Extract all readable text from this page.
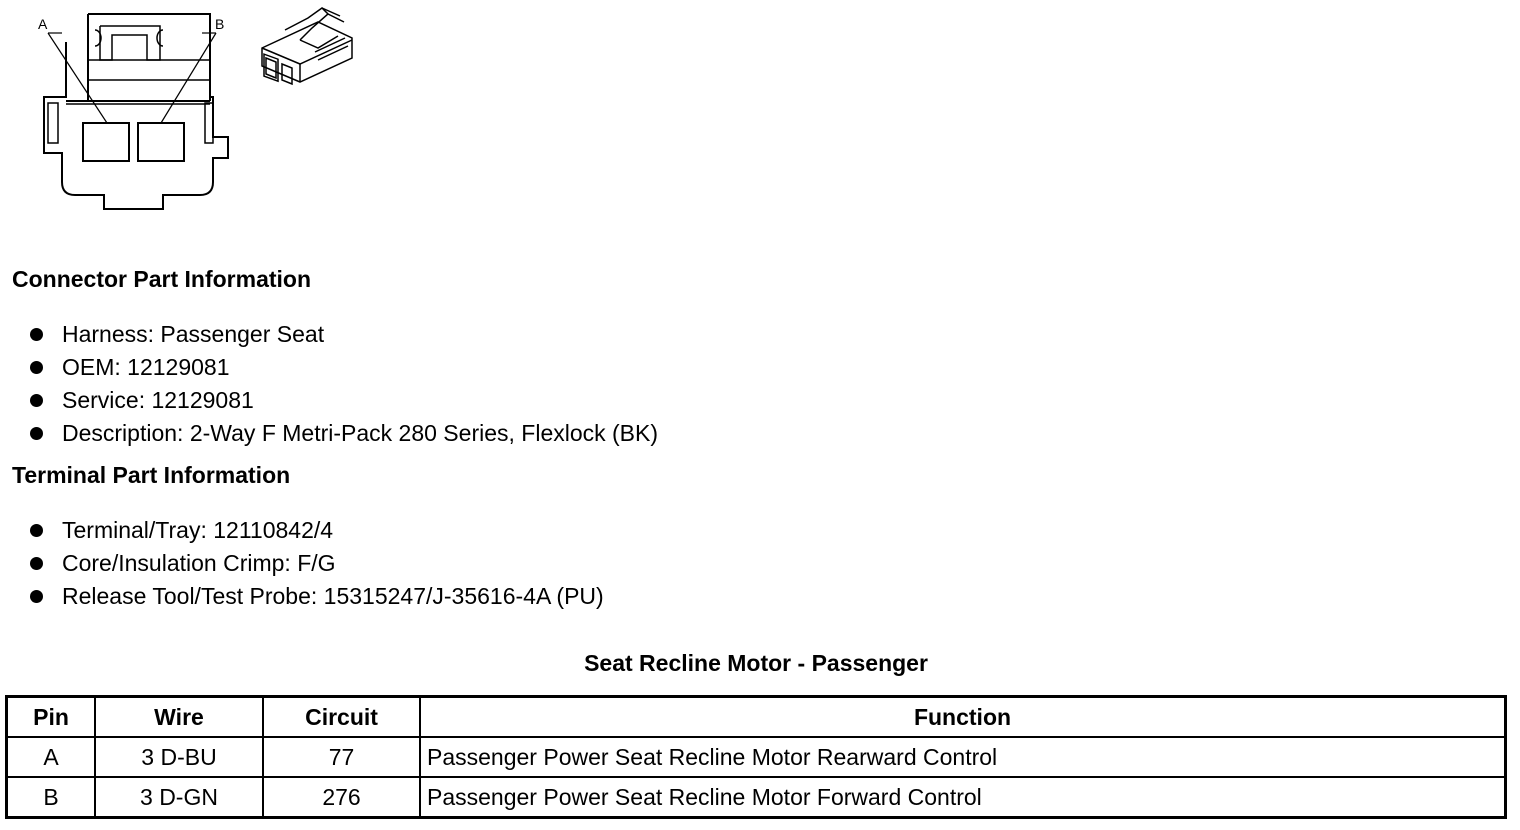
A	B
Connector Part Information
Harness: Passenger Seat
OEM: 12129081
Service: 12129081
Description: 2-Way F Metri-Pack 280 Series, Flexlock (BK)
Terminal Part Information
Terminal/Tray: 12110842/4
Core/Insulation Crimp: F/G
Release Tool/Test Probe: 15315247/J-35616-4A (PU)
Seat Recline Motor - Passenger
Pin	Wire	Circuit	Function
A	3 D-BU	77	Passenger Power Seat Recline Motor Rearward Control
B	3 D-GN	276	Passenger Power Seat Recline Motor Forward Control
